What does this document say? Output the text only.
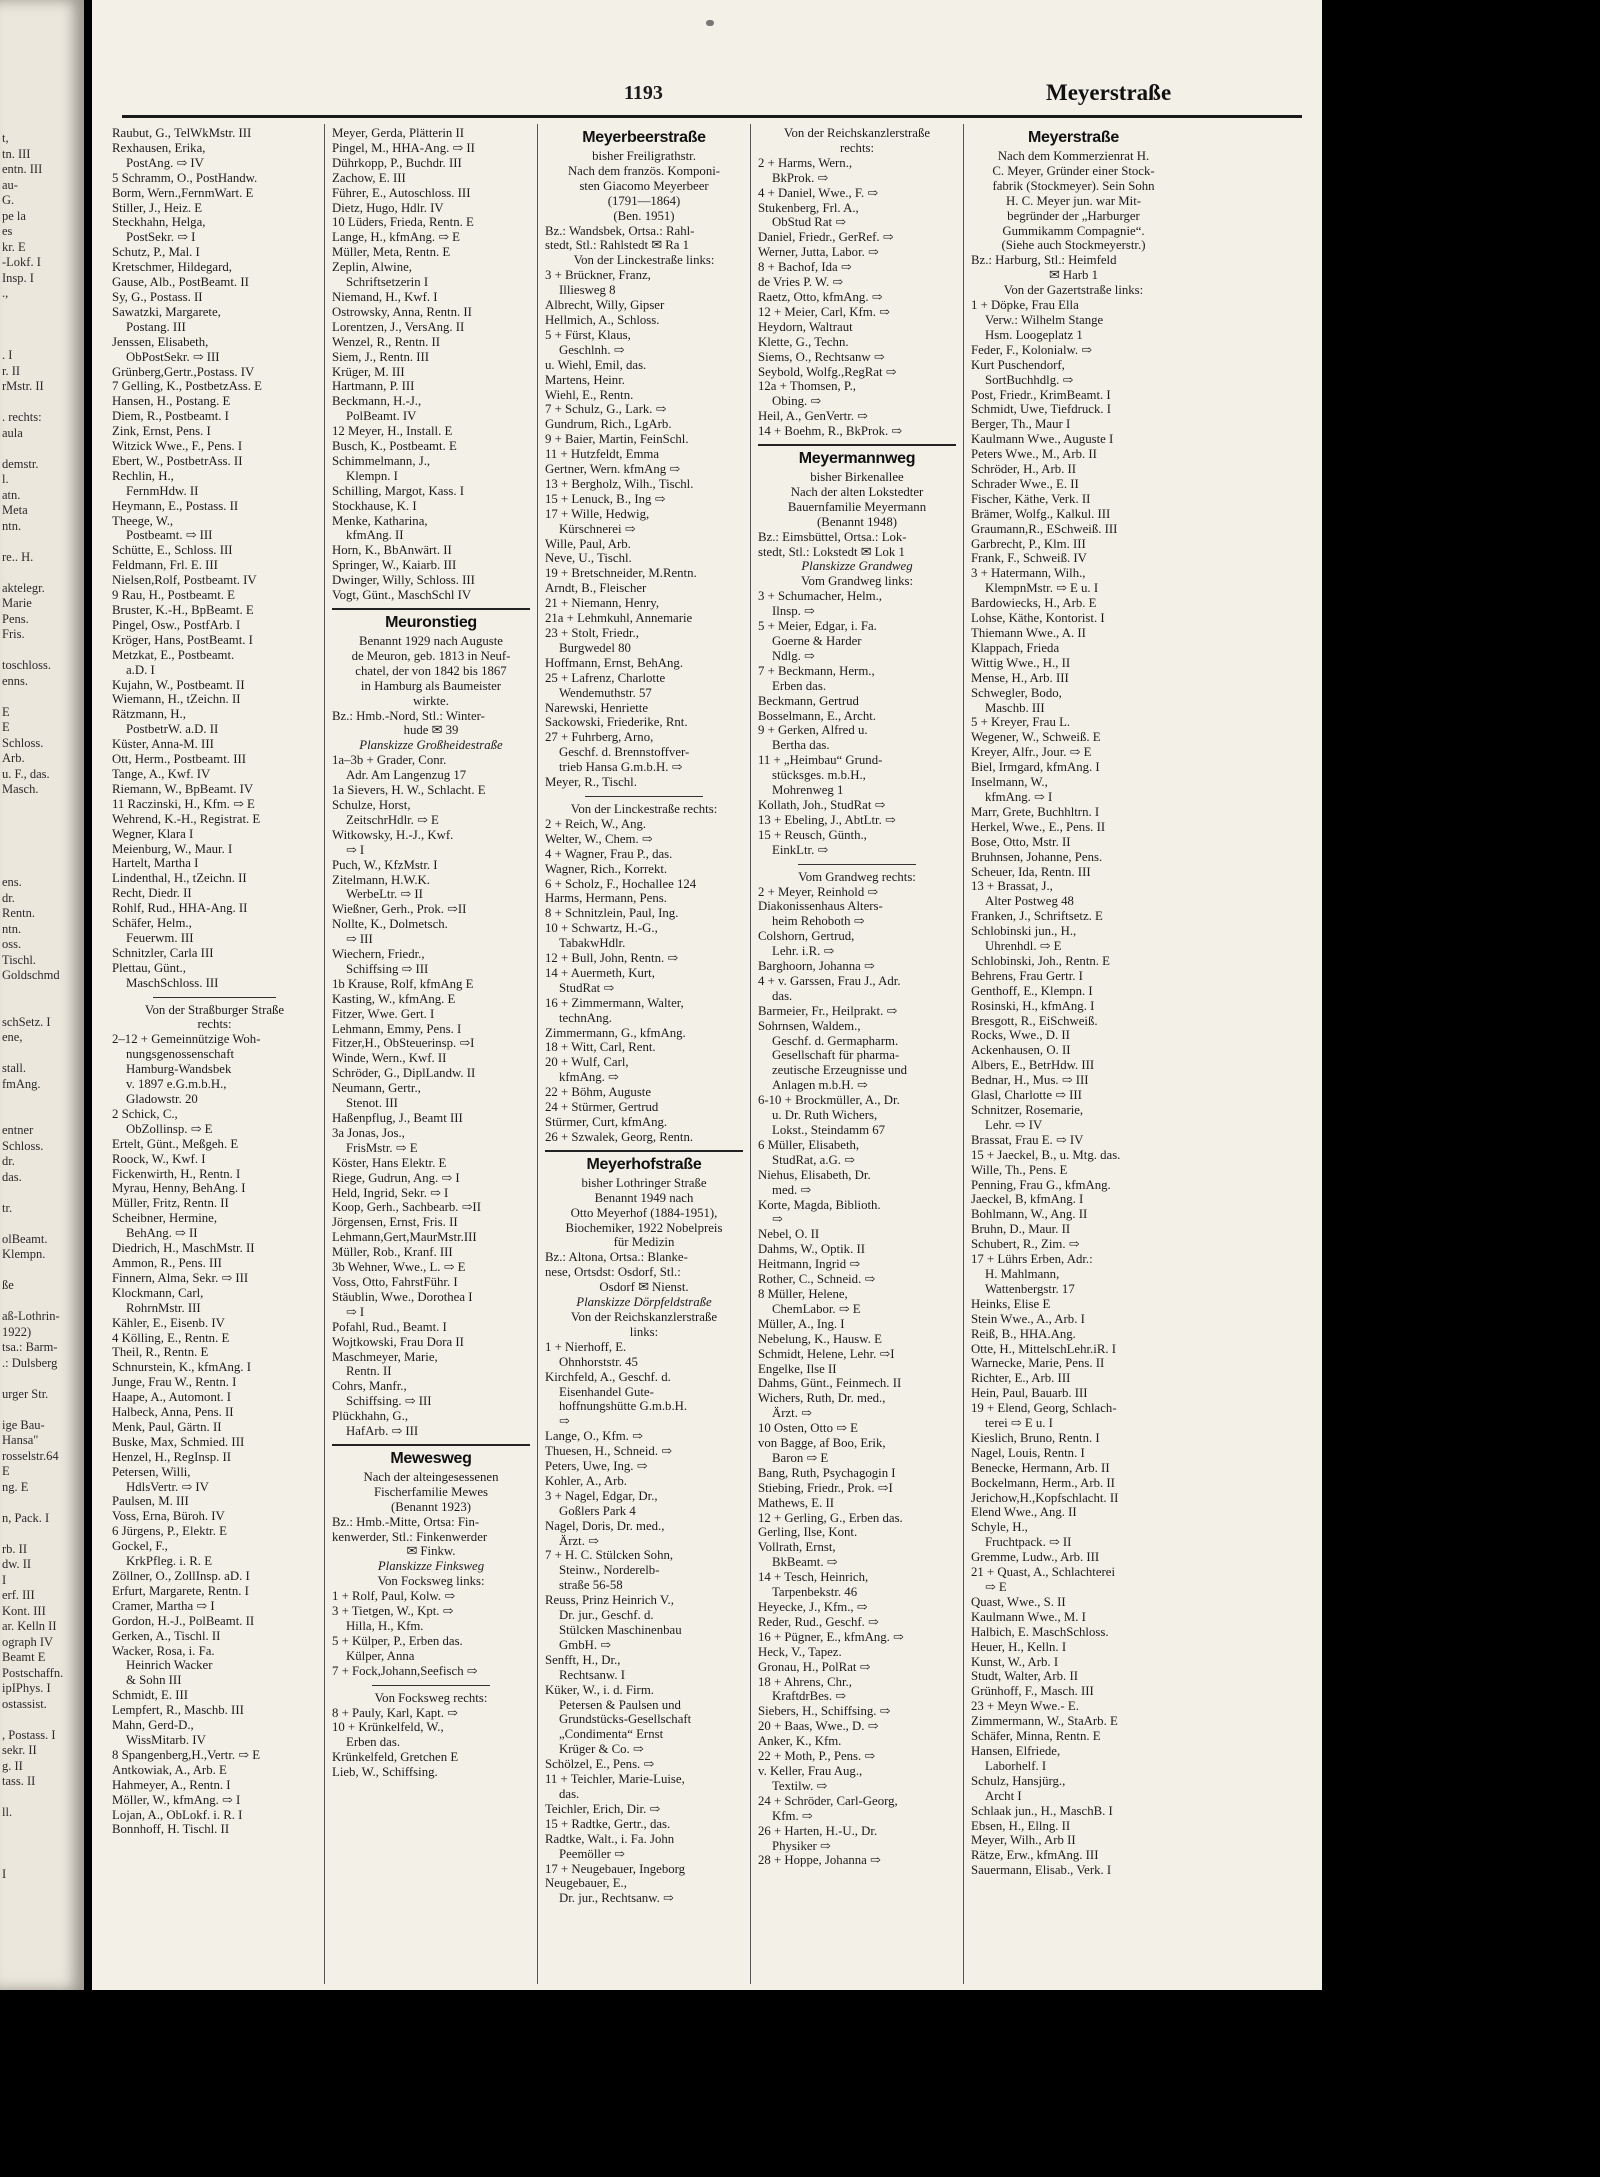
t,
tn. III
entn. III
au-
G.
pe la
es
kr. E
-Lokf. I
Insp. I
.,
. I
r. II
rMstr. II
. rechts:
aula
demstr.
l.
atn.
Meta
ntn.
re.. H.
aktelegr.
Marie
Pens.
Fris.
toschloss.
enns.
E
E
Schloss.
Arb.
u. F., das.
Masch.
ens.
dr.
Rentn.
ntn.
oss.
Tischl.
Goldschmd
schSetz. I
ene,
stall.
fmAng.
entner
Schloss.
dr.
das.
tr.
olBeamt.
Klempn.
ße
aß-Lothrin-
1922)
tsa.: Barm-
.: Dulsberg
urger Str.
ige Bau-
Hansa"
rosselstr.64
E
ng. E
n, Pack. I
rb. II
dw. II
I
erf. III
Kont. III
ar. Kelln II
ograph IV
Beamt E
Postschaffn.
ipIPhys. I
ostassist.
, Postass. I
sekr. II
g. II
tass. II
ll.
I
1193	Meyerstraße
Raubut, G., TelWkMstr. III
Rexhausen, Erika,
PostAng. ⇨ IV
5 Schramm, O., PostHandw.
Borm, Wern.,FernmWart. E
Stiller, J., Heiz. E
Steckhahn, Helga,
PostSekr. ⇨ I
Schutz, P., Mal. I
Kretschmer, Hildegard,
Gause, Alb., PostBeamt. II
Sy, G., Postass. II
Sawatzki, Margarete,
Postang. III
Jenssen, Elisabeth,
ObPostSekr. ⇨ III
Grünberg,Gertr.,Postass. IV
7 Gelling, K., PostbetzAss. E
Hansen, H., Postang. E
Diem, R., Postbeamt. I
Zink, Ernst, Pens. I
Witzick Wwe., F., Pens. I
Ebert, W., PostbetrAss. II
Rechlin, H.,
FernmHdw. II
Heymann, E., Postass. II
Theege, W.,
Postbeamt. ⇨ III
Schütte, E., Schloss. III
Feldmann, Frl. E. III
Nielsen,Rolf, Postbeamt. IV
9 Rau, H., Postbeamt. E
Bruster, K.-H., BpBeamt. E
Pingel, Osw., PostfArb. I
Kröger, Hans, PostBeamt. I
Metzkat, E., Postbeamt.
a.D. I
Kujahn, W., Postbeamt. II
Wiemann, H., tZeichn. II
Rätzmann, H.,
PostbetrW. a.D. II
Küster, Anna-M. III
Ott, Herm., Postbeamt. III
Tange, A., Kwf. IV
Riemann, W., BpBeamt. IV
11 Raczinski, H., Kfm. ⇨ E
Wehrend, K.-H., Registrat. E
Wegner, Klara I
Meienburg, W., Maur. I
Hartelt, Martha I
Lindenthal, H., tZeichn. II
Recht, Diedr. II
Rohlf, Rud., HHA-Ang. II
Schäfer, Helm.,
Feuerwm. III
Schnitzler, Carla III
Plettau, Günt.,
MaschSchloss. III
Von der Straßburger Straße
rechts:
2–12 + Gemeinnützige Woh-
nungsgenossenschaft
Hamburg-Wandsbek
v. 1897 e.G.m.b.H.,
Gladowstr. 20
2 Schick, C.,
ObZollinsp. ⇨ E
Ertelt, Günt., Meßgeh. E
Roock, W., Kwf. I
Fickenwirth, H., Rentn. I
Myrau, Henny, BehAng. I
Müller, Fritz, Rentn. II
Scheibner, Hermine,
BehAng. ⇨ II
Diedrich, H., MaschMstr. II
Ammon, R., Pens. III
Finnern, Alma, Sekr. ⇨ III
Klockmann, Carl,
RohrnMstr. III
Kähler, E., Eisenb. IV
4 Kölling, E., Rentn. E
Theil, R., Rentn. E
Schnurstein, K., kfmAng. I
Junge, Frau W., Rentn. I
Haape, A., Automont. I
Halbeck, Anna, Pens. II
Menk, Paul, Gärtn. II
Buske, Max, Schmied. III
Henzel, H., RegInsp. II
Petersen, Willi,
HdlsVertr. ⇨ IV
Paulsen, M. III
Voss, Erna, Büroh. IV
6 Jürgens, P., Elektr. E
Gockel, F.,
KrkPfleg. i. R. E
Zöllner, O., ZollInsp. aD. I
Erfurt, Margarete, Rentn. I
Cramer, Martha ⇨ I
Gordon, H.-J., PolBeamt. II
Gerken, A., Tischl. II
Wacker, Rosa, i. Fa.
Heinrich Wacker
& Sohn III
Schmidt, E. III
Lempfert, R., Maschb. III
Mahn, Gerd-D.,
WissMitarb. IV
8 Spangenberg,H.,Vertr. ⇨ E
Antkowiak, A., Arb. E
Hahmeyer, A., Rentn. I
Möller, W., kfmAng. ⇨ I
Lojan, A., ObLokf. i. R. I
Bonnhoff, H. Tischl. II
Meyer, Gerda, Plätterin II
Pingel, M., HHA-Ang. ⇨ II
Dührkopp, P., Buchdr. III
Zachow, E. III
Führer, E., Autoschloss. III
Dietz, Hugo, Hdlr. IV
10 Lüders, Frieda, Rentn. E
Lange, H., kfmAng. ⇨ E
Müller, Meta, Rentn. E
Zeplin, Alwine,
Schriftsetzerin I
Niemand, H., Kwf. I
Ostrowsky, Anna, Rentn. II
Lorentzen, J., VersAng. II
Wenzel, R., Rentn. II
Siem, J., Rentn. III
Krüger, M. III
Hartmann, P. III
Beckmann, H.-J.,
PolBeamt. IV
12 Meyer, H., Install. E
Busch, K., Postbeamt. E
Schimmelmann, J.,
Klempn. I
Schilling, Margot, Kass. I
Stockhause, K. I
Menke, Katharina,
kfmAng. II
Horn, K., BbAnwärt. II
Springer, W., Kaiarb. III
Dwinger, Willy, Schloss. III
Vogt, Günt., MaschSchl IV
Meuronstieg
Benannt 1929 nach Auguste
de Meuron, geb. 1813 in Neuf-
chatel, der von 1842 bis 1867
in Hamburg als Baumeister
wirkte.
Bz.: Hmb.-Nord, Stl.: Winter-
hude ✉ 39
Planskizze Großheidestraße
1a–3b + Grader, Conr.
Adr. Am Langenzug 17
1a Sievers, H. W., Schlacht. E
Schulze, Horst,
ZeitschrHdlr. ⇨ E
Witkowsky, H.-J., Kwf.
⇨ I
Puch, W., KfzMstr. I
Zitelmann, H.W.K.
WerbeLtr. ⇨ II
Wießner, Gerh., Prok. ⇨II
Nollte, K., Dolmetsch.
⇨ III
Wiechern, Friedr.,
Schiffsing ⇨ III
1b Krause, Rolf, kfmAng E
Kasting, W., kfmAng. E
Fitzer, Wwe. Gert. I
Lehmann, Emmy, Pens. I
Fitzer,H., ObSteuerinsp. ⇨I
Winde, Wern., Kwf. II
Schröder, G., DiplLandw. II
Neumann, Gertr.,
Stenot. III
Haßenpflug, J., Beamt III
3a Jonas, Jos.,
FrisMstr. ⇨ E
Köster, Hans Elektr. E
Riege, Gudrun, Ang. ⇨ I
Held, Ingrid, Sekr. ⇨ I
Koop, Gerh., Sachbearb. ⇨II
Jörgensen, Ernst, Fris. II
Lehmann,Gert,MaurMstr.III
Müller, Rob., Kranf. III
3b Wehner, Wwe., L. ⇨ E
Voss, Otto, FahrstFühr. I
Stäublin, Wwe., Dorothea I
⇨ I
Pofahl, Rud., Beamt. I
Wojtkowski, Frau Dora II
Maschmeyer, Marie,
Rentn. II
Cohrs, Manfr.,
Schiffsing. ⇨ III
Plückhahn, G.,
HafArb. ⇨ III
Mewesweg
Nach der alteingesessenen
Fischerfamilie Mewes
(Benannt 1923)
Bz.: Hmb.-Mitte, Ortsa: Fin-
kenwerder, Stl.: Finkenwerder
✉ Finkw.
Planskizze Finksweg
Von Focksweg links:
1 + Rolf, Paul, Kolw. ⇨
3 + Tietgen, W., Kpt. ⇨
Hilla, H., Kfm.
5 + Külper, P., Erben das.
Külper, Anna
7 + Fock,Johann,Seefisch ⇨
Von Focksweg rechts:
8 + Pauly, Karl, Kapt. ⇨
10 + Krünkelfeld, W.,
Erben das.
Krünkelfeld, Gretchen E
Lieb, W., Schiffsing.
Meyerbeerstraße
bisher Freiligrathstr.
Nach dem französ. Komponi-
sten Giacomo Meyerbeer
(1791—1864)
(Ben. 1951)
Bz.: Wandsbek, Ortsa.: Rahl-
stedt, Stl.: Rahlstedt ✉ Ra 1
Von der Linckestraße links:
3 + Brückner, Franz,
Illiesweg 8
Albrecht, Willy, Gipser
Hellmich, A., Schloss.
5 + Fürst, Klaus,
Geschlnh. ⇨
u. Wiehl, Emil, das.
Martens, Heinr.
Wiehl, E., Rentn.
7 + Schulz, G., Lark. ⇨
Gundrum, Rich., LgArb.
9 + Baier, Martin, FeinSchl.
11 + Hutzfeldt, Emma
Gertner, Wern. kfmAng ⇨
13 + Bergholz, Wilh., Tischl.
15 + Lenuck, B., Ing ⇨
17 + Wille, Hedwig,
Kürschnerei ⇨
Wille, Paul, Arb.
Neve, U., Tischl.
19 + Bretschneider, M.Rentn.
Arndt, B., Fleischer
21 + Niemann, Henry,
21a + Lehmkuhl, Annemarie
23 + Stolt, Friedr.,
Burgwedel 80
Hoffmann, Ernst, BehAng.
25 + Lafrenz, Charlotte
Wendemuthstr. 57
Narewski, Henriette
Sackowski, Friederike, Rnt.
27 + Fuhrberg, Arno,
Geschf. d. Brennstoffver-
trieb Hansa G.m.b.H. ⇨
Meyer, R., Tischl.
Von der Linckestraße rechts:
2 + Reich, W., Ang.
Welter, W., Chem. ⇨
4 + Wagner, Frau P., das.
Wagner, Rich., Korrekt.
6 + Scholz, F., Hochallee 124
Harms, Hermann, Pens.
8 + Schnitzlein, Paul, Ing.
10 + Schwartz, H.-G.,
TabakwHdlr.
12 + Bull, John, Rentn. ⇨
14 + Auermeth, Kurt,
StudRat ⇨
16 + Zimmermann, Walter,
technAng.
Zimmermann, G., kfmAng.
18 + Witt, Carl, Rent.
20 + Wulf, Carl,
kfmAng. ⇨
22 + Böhm, Auguste
24 + Stürmer, Gertrud
Stürmer, Curt, kfmAng.
26 + Szwalek, Georg, Rentn.
Meyerhofstraße
bisher Lothringer Straße
Benannt 1949 nach
Otto Meyerhof (1884-1951),
Biochemiker, 1922 Nobelpreis
für Medizin
Bz.: Altona, Ortsa.: Blanke-
nese, Ortsdst: Osdorf, Stl.:
Osdorf ✉ Nienst.
Planskizze Dörpfeldstraße
Von der Reichskanzlerstraße
links:
1 + Nierhoff, E.
Ohnhorststr. 45
Kirchfeld, A., Geschf. d.
Eisenhandel Gute-
hoffnungshütte G.m.b.H.
⇨
Lange, O., Kfm. ⇨
Thuesen, H., Schneid. ⇨
Peters, Uwe, Ing. ⇨
Kohler, A., Arb.
3 + Nagel, Edgar, Dr.,
Goßlers Park 4
Nagel, Doris, Dr. med.,
Ärzt. ⇨
7 + H. C. Stülcken Sohn,
Steinw., Norderelb-
straße 56-58
Reuss, Prinz Heinrich V.,
Dr. jur., Geschf. d.
Stülcken Maschinenbau
GmbH. ⇨
Senfft, H., Dr.,
Rechtsanw. I
Küker, W., i. d. Firm.
Petersen & Paulsen und
Grundstücks-Gesellschaft
„Condimenta“ Ernst
Krüger & Co. ⇨
Schölzel, E., Pens. ⇨
11 + Teichler, Marie-Luise,
das.
Teichler, Erich, Dir. ⇨
15 + Radtke, Gertr., das.
Radtke, Walt., i. Fa. John
Peemöller ⇨
17 + Neugebauer, Ingeborg
Neugebauer, E.,
Dr. jur., Rechtsanw. ⇨
Von der Reichskanzlerstraße
rechts:
2 + Harms, Wern.,
BkProk. ⇨
4 + Daniel, Wwe., F. ⇨
Stukenberg, Frl. A.,
ObStud Rat ⇨
Daniel, Friedr., GerRef. ⇨
Werner, Jutta, Labor. ⇨
8 + Bachof, Ida ⇨
de Vries P. W. ⇨
Raetz, Otto, kfmAng. ⇨
12 + Meier, Carl, Kfm. ⇨
Heydorn, Waltraut
Klette, G., Techn.
Siems, O., Rechtsanw ⇨
Seybold, Wolfg.,RegRat ⇨
12a + Thomsen, P.,
Obing. ⇨
Heil, A., GenVertr. ⇨
14 + Boehm, R., BkProk. ⇨
Meyermannweg
bisher Birkenallee
Nach der alten Lokstedter
Bauernfamilie Meyermann
(Benannt 1948)
Bz.: Eimsbüttel, Ortsa.: Lok-
stedt, Stl.: Lokstedt ✉ Lok 1
Planskizze Grandweg
Vom Grandweg links:
3 + Schumacher, Helm.,
Ilnsp. ⇨
5 + Meier, Edgar, i. Fa.
Goerne & Harder
Ndlg. ⇨
7 + Beckmann, Herm.,
Erben das.
Beckmann, Gertrud
Bosselmann, E., Archt.
9 + Gerken, Alfred u.
Bertha das.
11 + „Heimbau“ Grund-
stücksges. m.b.H.,
Mohrenweg 1
Kollath, Joh., StudRat ⇨
13 + Ebeling, J., AbtLtr. ⇨
15 + Reusch, Günth.,
EinkLtr. ⇨
Vom Grandweg rechts:
2 + Meyer, Reinhold ⇨
Diakonissenhaus Alters-
heim Rehoboth ⇨
Colshorn, Gertrud,
Lehr. i.R. ⇨
Barghoorn, Johanna ⇨
4 + v. Garssen, Frau J., Adr.
das.
Barmeier, Fr., Heilprakt. ⇨
Sohrnsen, Waldem.,
Geschf. d. Germapharm.
Gesellschaft für pharma-
zeutische Erzeugnisse und
Anlagen m.b.H. ⇨
6-10 + Brockmüller, A., Dr.
u. Dr. Ruth Wichers,
Lokst., Steindamm 67
6 Müller, Elisabeth,
StudRat, a.G. ⇨
Niehus, Elisabeth, Dr.
med. ⇨
Korte, Magda, Biblioth.
⇨
Nebel, O. II
Dahms, W., Optik. II
Heitmann, Ingrid ⇨
Rother, C., Schneid. ⇨
8 Müller, Helene,
ChemLabor. ⇨ E
Müller, A., Ing. I
Nebelung, K., Hausw. E
Schmidt, Helene, Lehr. ⇨I
Engelke, Ilse II
Dahms, Günt., Feinmech. II
Wichers, Ruth, Dr. med.,
Ärzt. ⇨
10 Osten, Otto ⇨ E
von Bagge, af Boo, Erik,
Baron ⇨ E
Bang, Ruth, Psychagogin I
Stiebing, Friedr., Prok. ⇨I
Mathews, E. II
12 + Gerling, G., Erben das.
Gerling, Ilse, Kont.
Vollrath, Ernst,
BkBeamt. ⇨
14 + Tesch, Heinrich,
Tarpenbekstr. 46
Heyecke, J., Kfm., ⇨
Reder, Rud., Geschf. ⇨
16 + Pügner, E., kfmAng. ⇨
Heck, V., Tapez.
Gronau, H., PolRat ⇨
18 + Ahrens, Chr.,
KraftdrBes. ⇨
Siebers, H., Schiffsing. ⇨
20 + Baas, Wwe., D. ⇨
Anker, K., Kfm.
22 + Moth, P., Pens. ⇨
v. Keller, Frau Aug.,
Textilw. ⇨
24 + Schröder, Carl-Georg,
Kfm. ⇨
26 + Harten, H.-U., Dr.
Physiker ⇨
28 + Hoppe, Johanna ⇨
Meyerstraße
Nach dem Kommerzienrat H.
C. Meyer, Gründer einer Stock-
fabrik (Stockmeyer). Sein Sohn
H. C. Meyer jun. war Mit-
begründer der „Harburger
Gummikamm Compagnie“.
(Siehe auch Stockmeyerstr.)
Bz.: Harburg, Stl.: Heimfeld
✉ Harb 1
Von der Gazertstraße links:
1 + Döpke, Frau Ella
Verw.: Wilhelm Stange
Hsm. Loogeplatz 1
Feder, F., Kolonialw. ⇨
Kurt Puschendorf,
SortBuchhdlg. ⇨
Post, Friedr., KrimBeamt. I
Schmidt, Uwe, Tiefdruck. I
Berger, Th., Maur I
Kaulmann Wwe., Auguste I
Peters Wwe., M., Arb. II
Schröder, H., Arb. II
Schrader Wwe., E. II
Fischer, Käthe, Verk. II
Brämer, Wolfg., Kalkul. III
Graumann,R., ESchweiß. III
Garbrecht, P., Klm. III
Frank, F., Schweiß. IV
3 + Hatermann, Wilh.,
KlempnMstr. ⇨ E u. I
Bardowiecks, H., Arb. E
Lohse, Käthe, Kontorist. I
Thiemann Wwe., A. II
Klappach, Frieda
Wittig Wwe., H., II
Mense, H., Arb. III
Schwegler, Bodo,
Maschb. III
5 + Kreyer, Frau L.
Wegener, W., Schweiß. E
Kreyer, Alfr., Jour. ⇨ E
Biel, Irmgard, kfmAng. I
Inselmann, W.,
kfmAng. ⇨ I
Marr, Grete, Buchhltrn. I
Herkel, Wwe., E., Pens. II
Bose, Otto, Mstr. II
Bruhnsen, Johanne, Pens.
Scheuer, Ida, Rentn. III
13 + Brassat, J.,
Alter Postweg 48
Franken, J., Schriftsetz. E
Schlobinski jun., H.,
Uhrenhdl. ⇨ E
Schlobinski, Joh., Rentn. E
Behrens, Frau Gertr. I
Genthoff, E., Klempn. I
Rosinski, H., kfmAng. I
Bresgott, R., EiSchweiß.
Rocks, Wwe., D. II
Ackenhausen, O. II
Albers, E., BetrHdw. III
Bednar, H., Mus. ⇨ III
Glasl, Charlotte ⇨ III
Schnitzer, Rosemarie,
Lehr. ⇨ IV
Brassat, Frau E. ⇨ IV
15 + Jaeckel, B., u. Mtg. das.
Wille, Th., Pens. E
Penning, Frau G., kfmAng.
Jaeckel, B, kfmAng. I
Bohlmann, W., Ang. II
Bruhn, D., Maur. II
Schubert, R., Zim. ⇨
17 + Lührs Erben, Adr.:
H. Mahlmann,
Wattenbergstr. 17
Heinks, Elise E
Stein Wwe., A., Arb. I
Reiß, B., HHA.Ang.
Otte, H., MittelschLehr.iR. I
Warnecke, Marie, Pens. II
Richter, E., Arb. III
Hein, Paul, Bauarb. III
19 + Elend, Georg, Schlach-
terei ⇨ E u. I
Kieslich, Bruno, Rentn. I
Nagel, Louis, Rentn. I
Benecke, Hermann, Arb. II
Bockelmann, Herm., Arb. II
Jerichow,H.,Kopfschlacht. II
Elend Wwe., Ang. II
Schyle, H.,
Fruchtpack. ⇨ II
Gremme, Ludw., Arb. III
21 + Quast, A., Schlachterei
⇨ E
Quast, Wwe., S. II
Kaulmann Wwe., M. I
Halbich, E. MaschSchloss.
Heuer, H., Kelln. I
Kunst, W., Arb. I
Studt, Walter, Arb. II
Grünhoff, F., Masch. III
23 + Meyn Wwe.- E.
Zimmermann, W., StaArb. E
Schäfer, Minna, Rentn. E
Hansen, Elfriede,
Laborhelf. I
Schulz, Hansjürg.,
Archt I
Schlaak jun., H., MaschB. I
Ebsen, H., Ellng. II
Meyer, Wilh., Arb II
Rätze, Erw., kfmAng. III
Sauermann, Elisab., Verk. I
